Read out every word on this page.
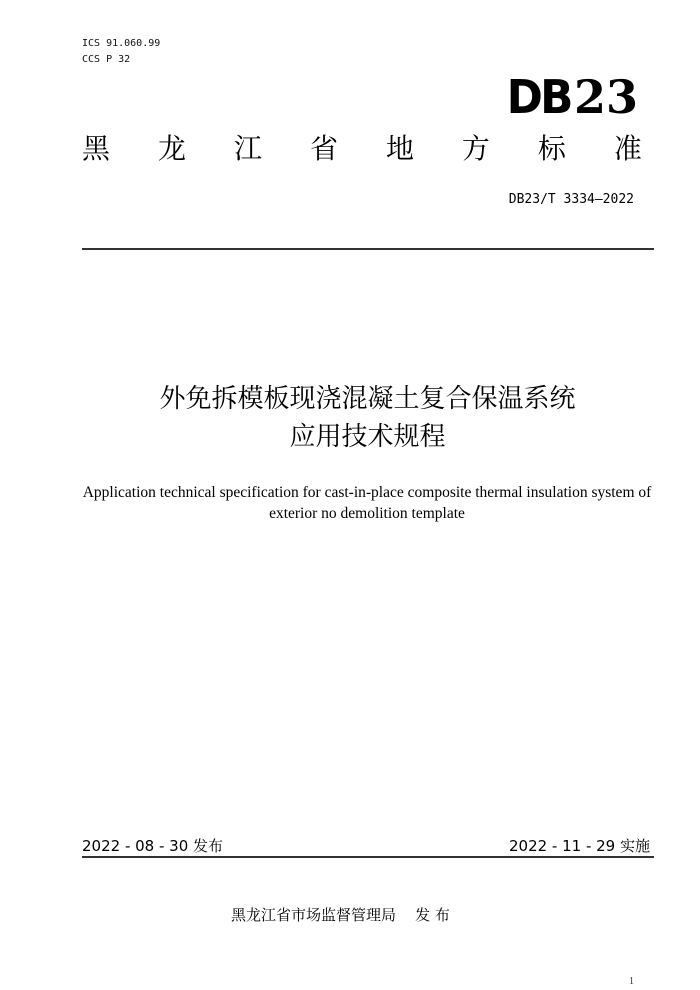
ICS 91.060.99
CCS P 32
DB 23
黑 龙 江 省 地 方 标 准
DB23/T 3334—2022
外免拆模板现浇混凝土复合保温系统
应用技术规程
Application technical specification for cast-in-place composite thermal insulation system of exterior no demolition template
2022 - 08 - 30 发布	2022 - 11 - 29 实施
黑龙江省市场监督管理局    发 布
1
